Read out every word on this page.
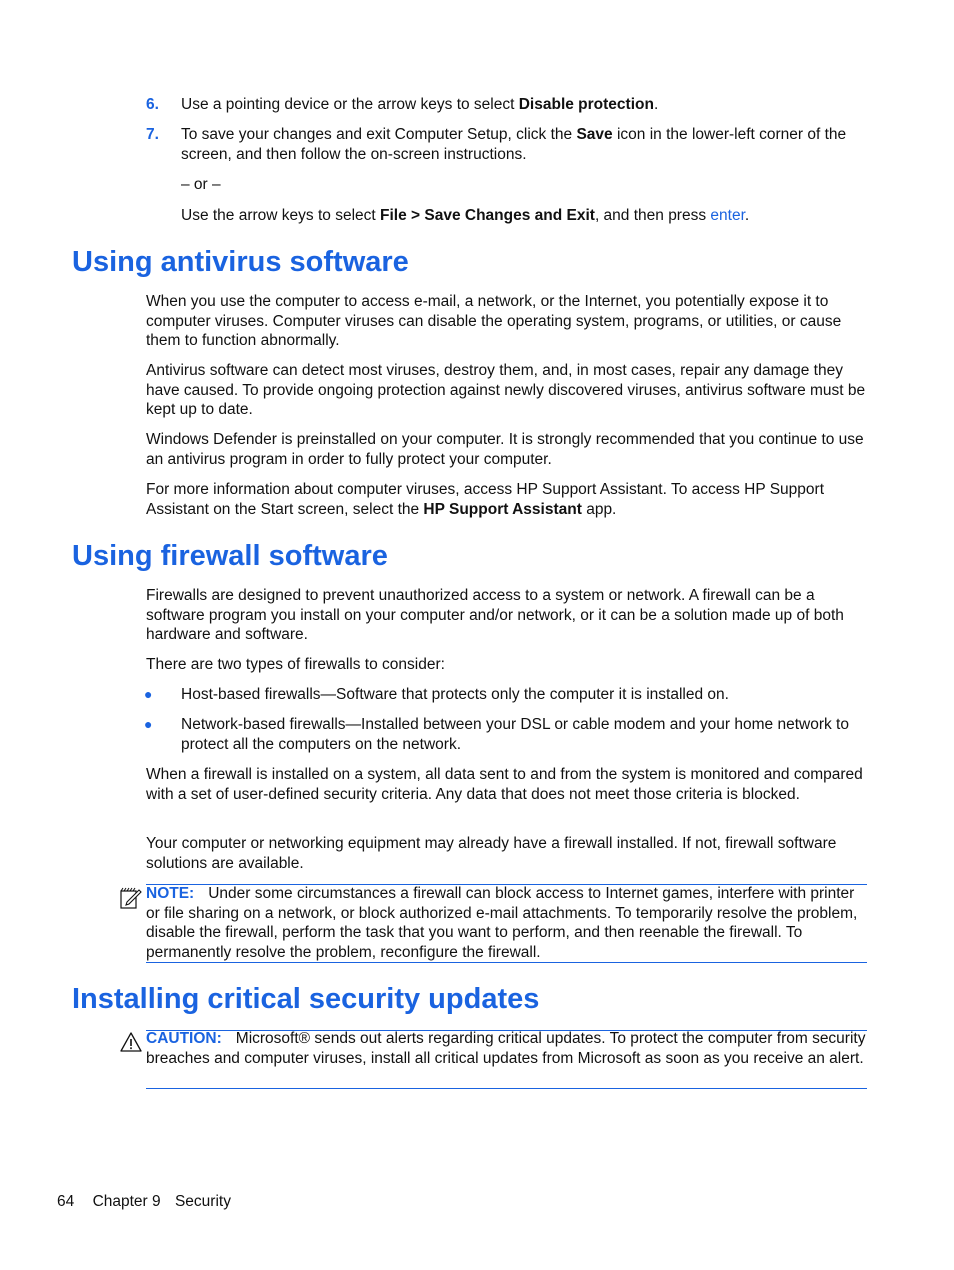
6. Use a pointing device or the arrow keys to select Disable protection.

7. To save your changes and exit Computer Setup, click the Save icon in the lower-left corner of the screen, and then follow the on-screen instructions.

– or –

Use the arrow keys to select File > Save Changes and Exit, and then press enter.

Using antivirus software

When you use the computer to access e-mail, a network, or the Internet, you potentially expose it to computer viruses. Computer viruses can disable the operating system, programs, or utilities, or cause them to function abnormally.

Antivirus software can detect most viruses, destroy them, and, in most cases, repair any damage they have caused. To provide ongoing protection against newly discovered viruses, antivirus software must be kept up to date.

Windows Defender is preinstalled on your computer. It is strongly recommended that you continue to use an antivirus program in order to fully protect your computer.

For more information about computer viruses, access HP Support Assistant. To access HP Support Assistant on the Start screen, select the HP Support Assistant app.

Using firewall software

Firewalls are designed to prevent unauthorized access to a system or network. A firewall can be a software program you install on your computer and/or network, or it can be a solution made up of both hardware and software.

There are two types of firewalls to consider:

● Host-based firewalls—Software that protects only the computer it is installed on.

● Network-based firewalls—Installed between your DSL or cable modem and your home network to protect all the computers on the network.

When a firewall is installed on a system, all data sent to and from the system is monitored and compared with a set of user-defined security criteria. Any data that does not meet those criteria is blocked.

Your computer or networking equipment may already have a firewall installed. If not, firewall software solutions are available.

NOTE: Under some circumstances a firewall can block access to Internet games, interfere with printer or file sharing on a network, or block authorized e-mail attachments. To temporarily resolve the problem, disable the firewall, perform the task that you want to perform, and then reenable the firewall. To permanently resolve the problem, reconfigure the firewall.

Installing critical security updates

CAUTION: Microsoft® sends out alerts regarding critical updates. To protect the computer from security breaches and computer viruses, install all critical updates from Microsoft as soon as you receive an alert.

64 Chapter 9 Security
